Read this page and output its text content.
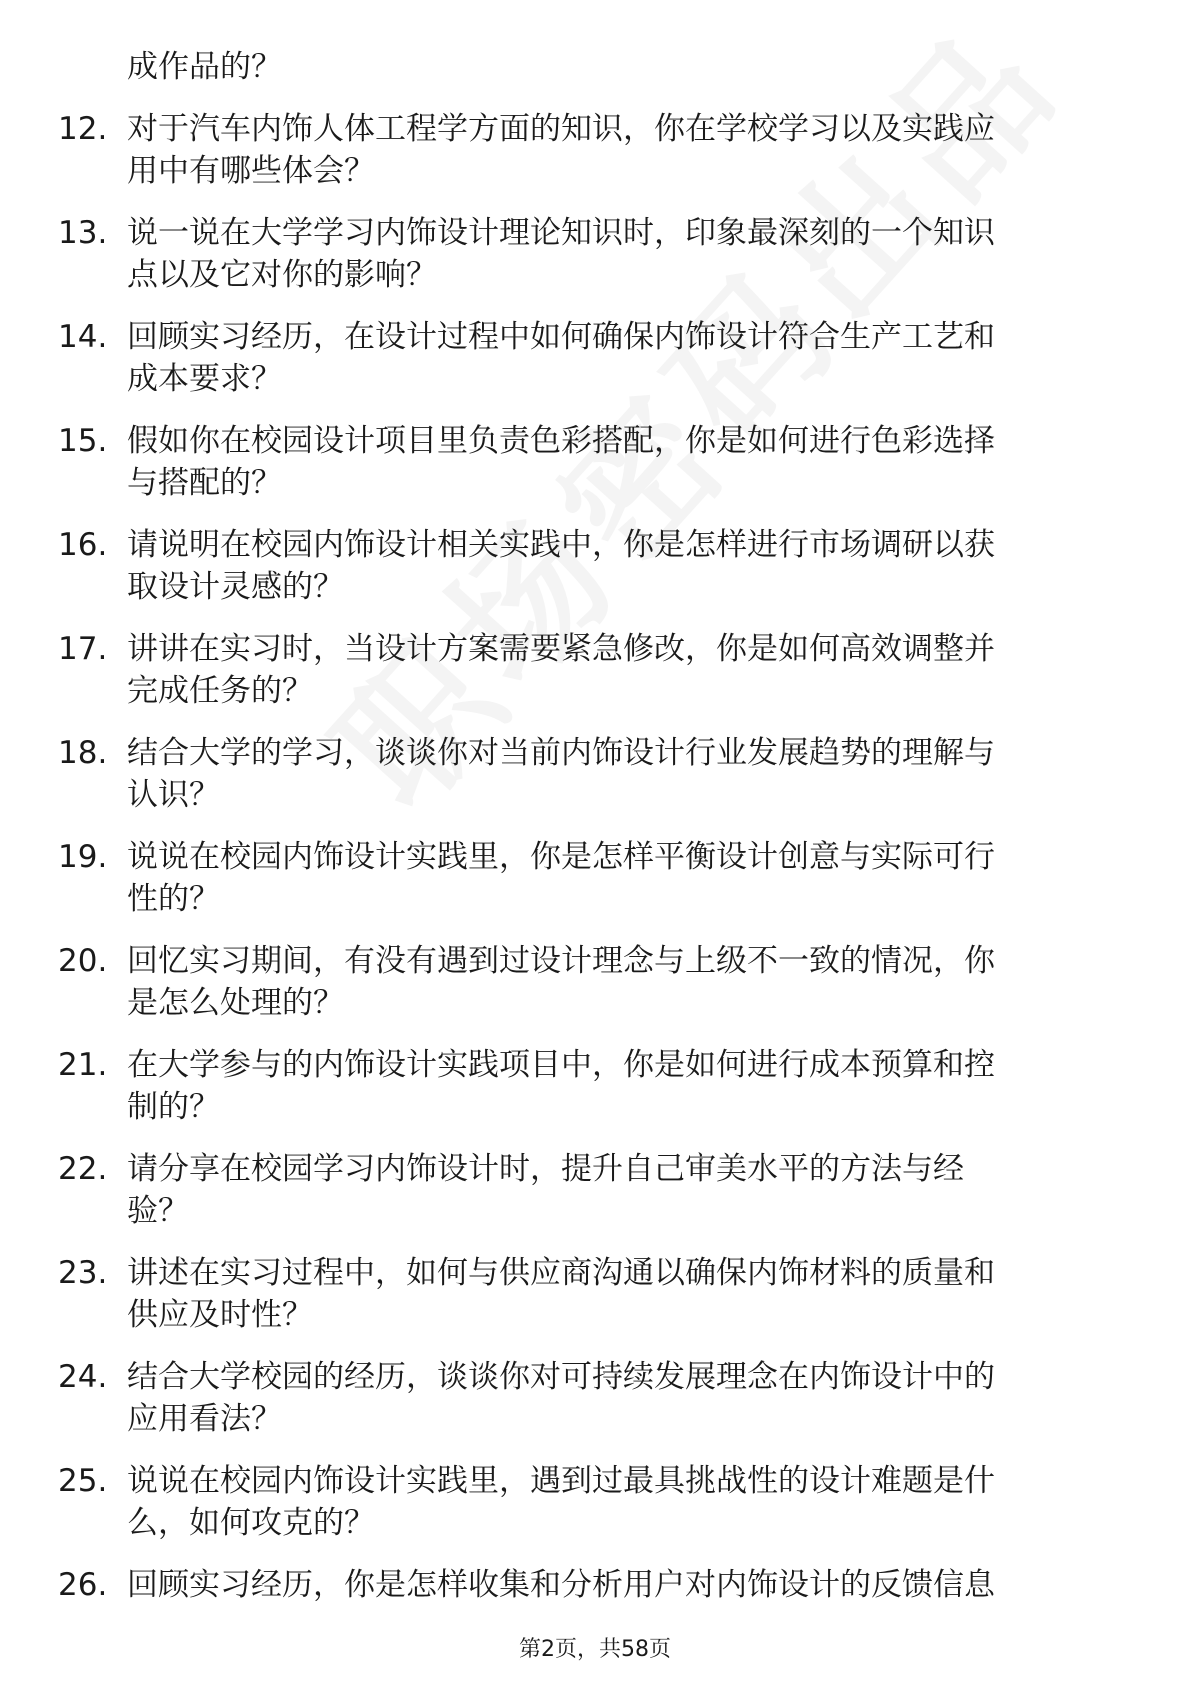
成作品的？
12. 对于汽车内饰人体工程学方面的知识，你在学校学习以及实践应
用中有哪些体会？
13. 说一说在大学学习内饰设计理论知识时，印象最深刻的一个知识
点以及它对你的影响？
14. 回顾实习经历，在设计过程中如何确保内饰设计符合生产工艺和
成本要求？
15. 假如你在校园设计项目里负责色彩搭配，你是如何进行色彩选择
与搭配的？
16. 请说明在校园内饰设计相关实践中，你是怎样进行市场调研以获
取设计灵感的？
17. 讲讲在实习时，当设计方案需要紧急修改，你是如何高效调整并
完成任务的？
18. 结合大学的学习，谈谈你对当前内饰设计行业发展趋势的理解与
认识？
19. 说说在校园内饰设计实践里，你是怎样平衡设计创意与实际可行
性的？
20. 回忆实习期间，有没有遇到过设计理念与上级不一致的情况，你
是怎么处理的？
21. 在大学参与的内饰设计实践项目中，你是如何进行成本预算和控
制的？
22. 请分享在校园学习内饰设计时，提升自己审美水平的方法与经
验？
23. 讲述在实习过程中，如何与供应商沟通以确保内饰材料的质量和
供应及时性？
24. 结合大学校园的经历，谈谈你对可持续发展理念在内饰设计中的
应用看法？
25. 说说在校园内饰设计实践里，遇到过最具挑战性的设计难题是什
么，如何攻克的？
26. 回顾实习经历，你是怎样收集和分析用户对内饰设计的反馈信息
第2页，共58页
